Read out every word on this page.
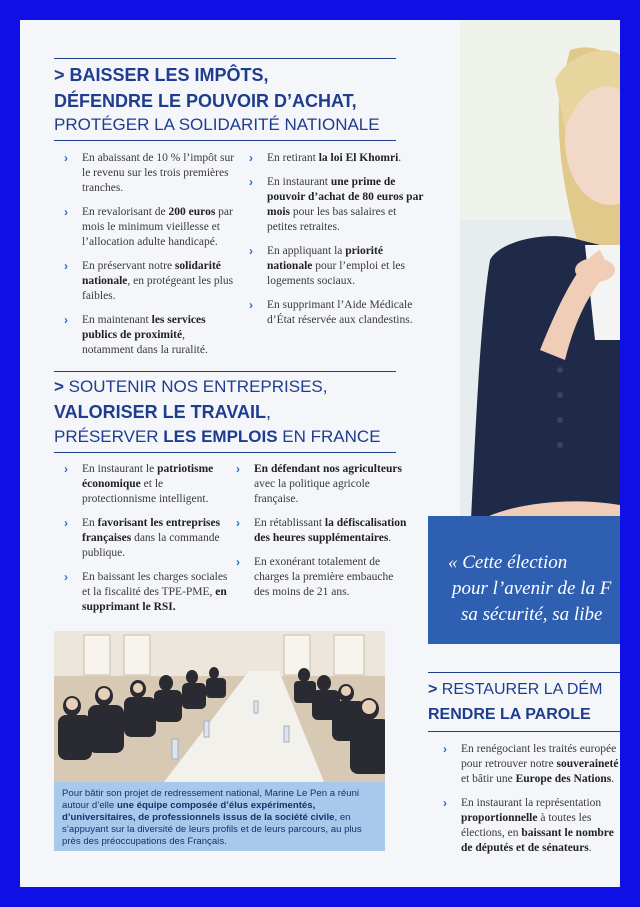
> BAISSER LES IMPÔTS,
DÉFENDRE LE POUVOIR D’ACHAT,
PROTÉGER LA SOLIDARITÉ NATIONALE
› En abaissant de 10 % l’impôt sur le revenu sur les trois premières tranches.
› En revalorisant de 200 euros par mois le minimum vieillesse et l’allocation adulte handicapé.
› En préservant notre solidarité nationale, en protégeant les plus faibles.
› En maintenant les services publics de proximité, notamment dans la ruralité.
› En retirant la loi El Khomri.
› En instaurant une prime de pouvoir d’achat de 80 euros par mois pour les bas salaires et petites retraites.
› En appliquant la priorité nationale pour l’emploi et les logements sociaux.
› En supprimant l’Aide Médicale d’État réservée aux clandestins.
> SOUTENIR NOS ENTREPRISES,
VALORISER LE TRAVAIL,
PRÉSERVER LES EMPLOIS EN FRANCE
› En instaurant le patriotisme économique et le protectionnisme intelligent.
› En favorisant les entreprises françaises dans la commande publique.
› En baissant les charges sociales et la fiscalité des TPE-PME, en supprimant le RSI.
› En défendant nos agriculteurs avec la politique agricole française.
› En rétablissant la défiscalisation des heures supplémentaires.
› En exonérant totalement de charges la première embauche des moins de 21 ans.
Pour bâtir son projet de redressement national, Marine Le Pen a réuni autour d’elle une équipe composée d’élus expérimentés, d’universitaires, de professionnels issus de la société civile, en s’appuyant sur la diversité de leurs profils et de leurs parcours, au plus près des préoccupations des Français.
« Cette élection
pour l’avenir de la F
sa sécurité, sa libe
> RESTAURER LA DÉM
RENDRE LA PAROLE
› En renégociant les traités europée pour retrouver notre souveraineté et bâtir une Europe des Nations.
› En instaurant la représentation proportionnelle à toutes les élections, en baissant le nombre de députés et de sénateurs.
